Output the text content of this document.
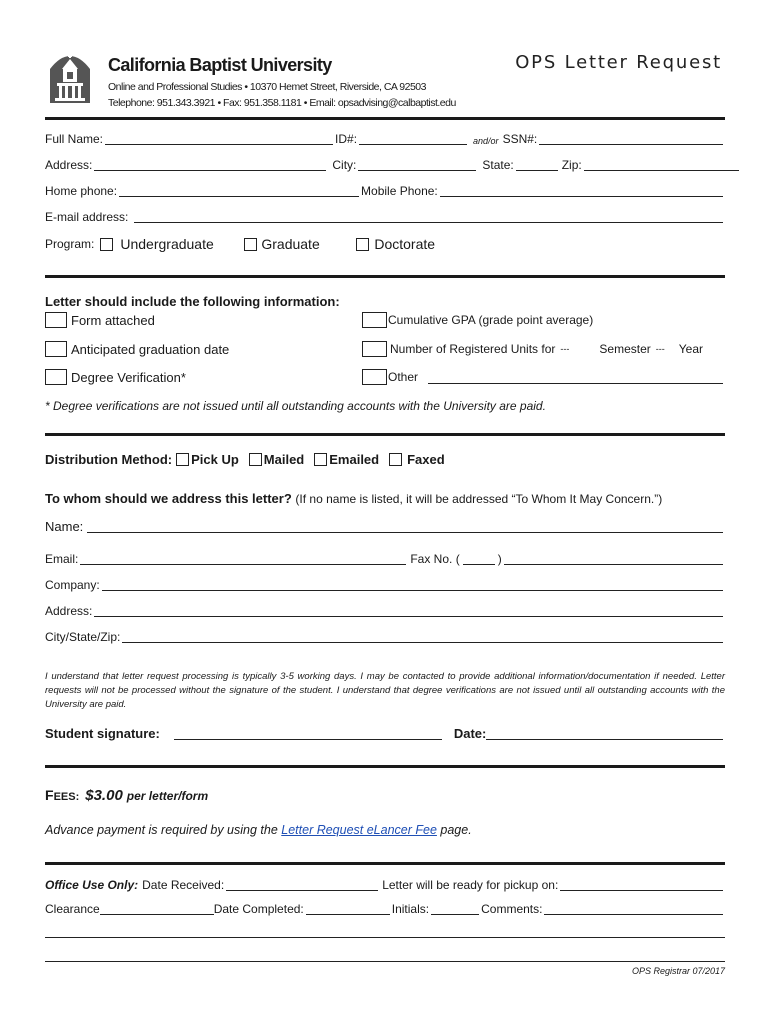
California Baptist University
Online and Professional Studies • 10370 Hemet Street, Riverside, CA 92503
Telephone: 951.343.3921 • Fax: 951.358.1181 • Email: opsadvising@calbaptist.edu
OPS Letter Request
Full Name:	ID#:	and/or SSN#:
Address:	City:	State:	Zip:
Home phone:	Mobile Phone:
E-mail address:
Program: Undergraduate	Graduate	Doctorate
Letter should include the following information:
Form attached	Cumulative GPA (grade point average)
Anticipated graduation date	Number of Registered Units for ---	Semester --- Year
Degree Verification*	Other
* Degree verifications are not issued until all outstanding accounts with the University are paid.
Distribution Method: Pick Up Mailed Emailed Faxed
To whom should we address this letter? (If no name is listed, it will be addressed “To Whom It May Concern.”)
Name:
Email:	Fax No. (	)
Company:
Address:
City/State/Zip:
I understand that letter request processing is typically 3-5 working days. I may be contacted to provide additional information/documentation if needed. Letter requests will not be processed without the signature of the student. I understand that degree verifications are not issued until all outstanding accounts with the University are paid.
Student signature:	Date:
F EES: $3.00 per letter/form
Advance payment is required by using the Letter Request eLancer Fee page.
Office Use Only: Date Received:	Letter will be ready for pickup on:
Clearance	Date Completed:	Initials:	Comments:
OPS Registrar 07/2017
